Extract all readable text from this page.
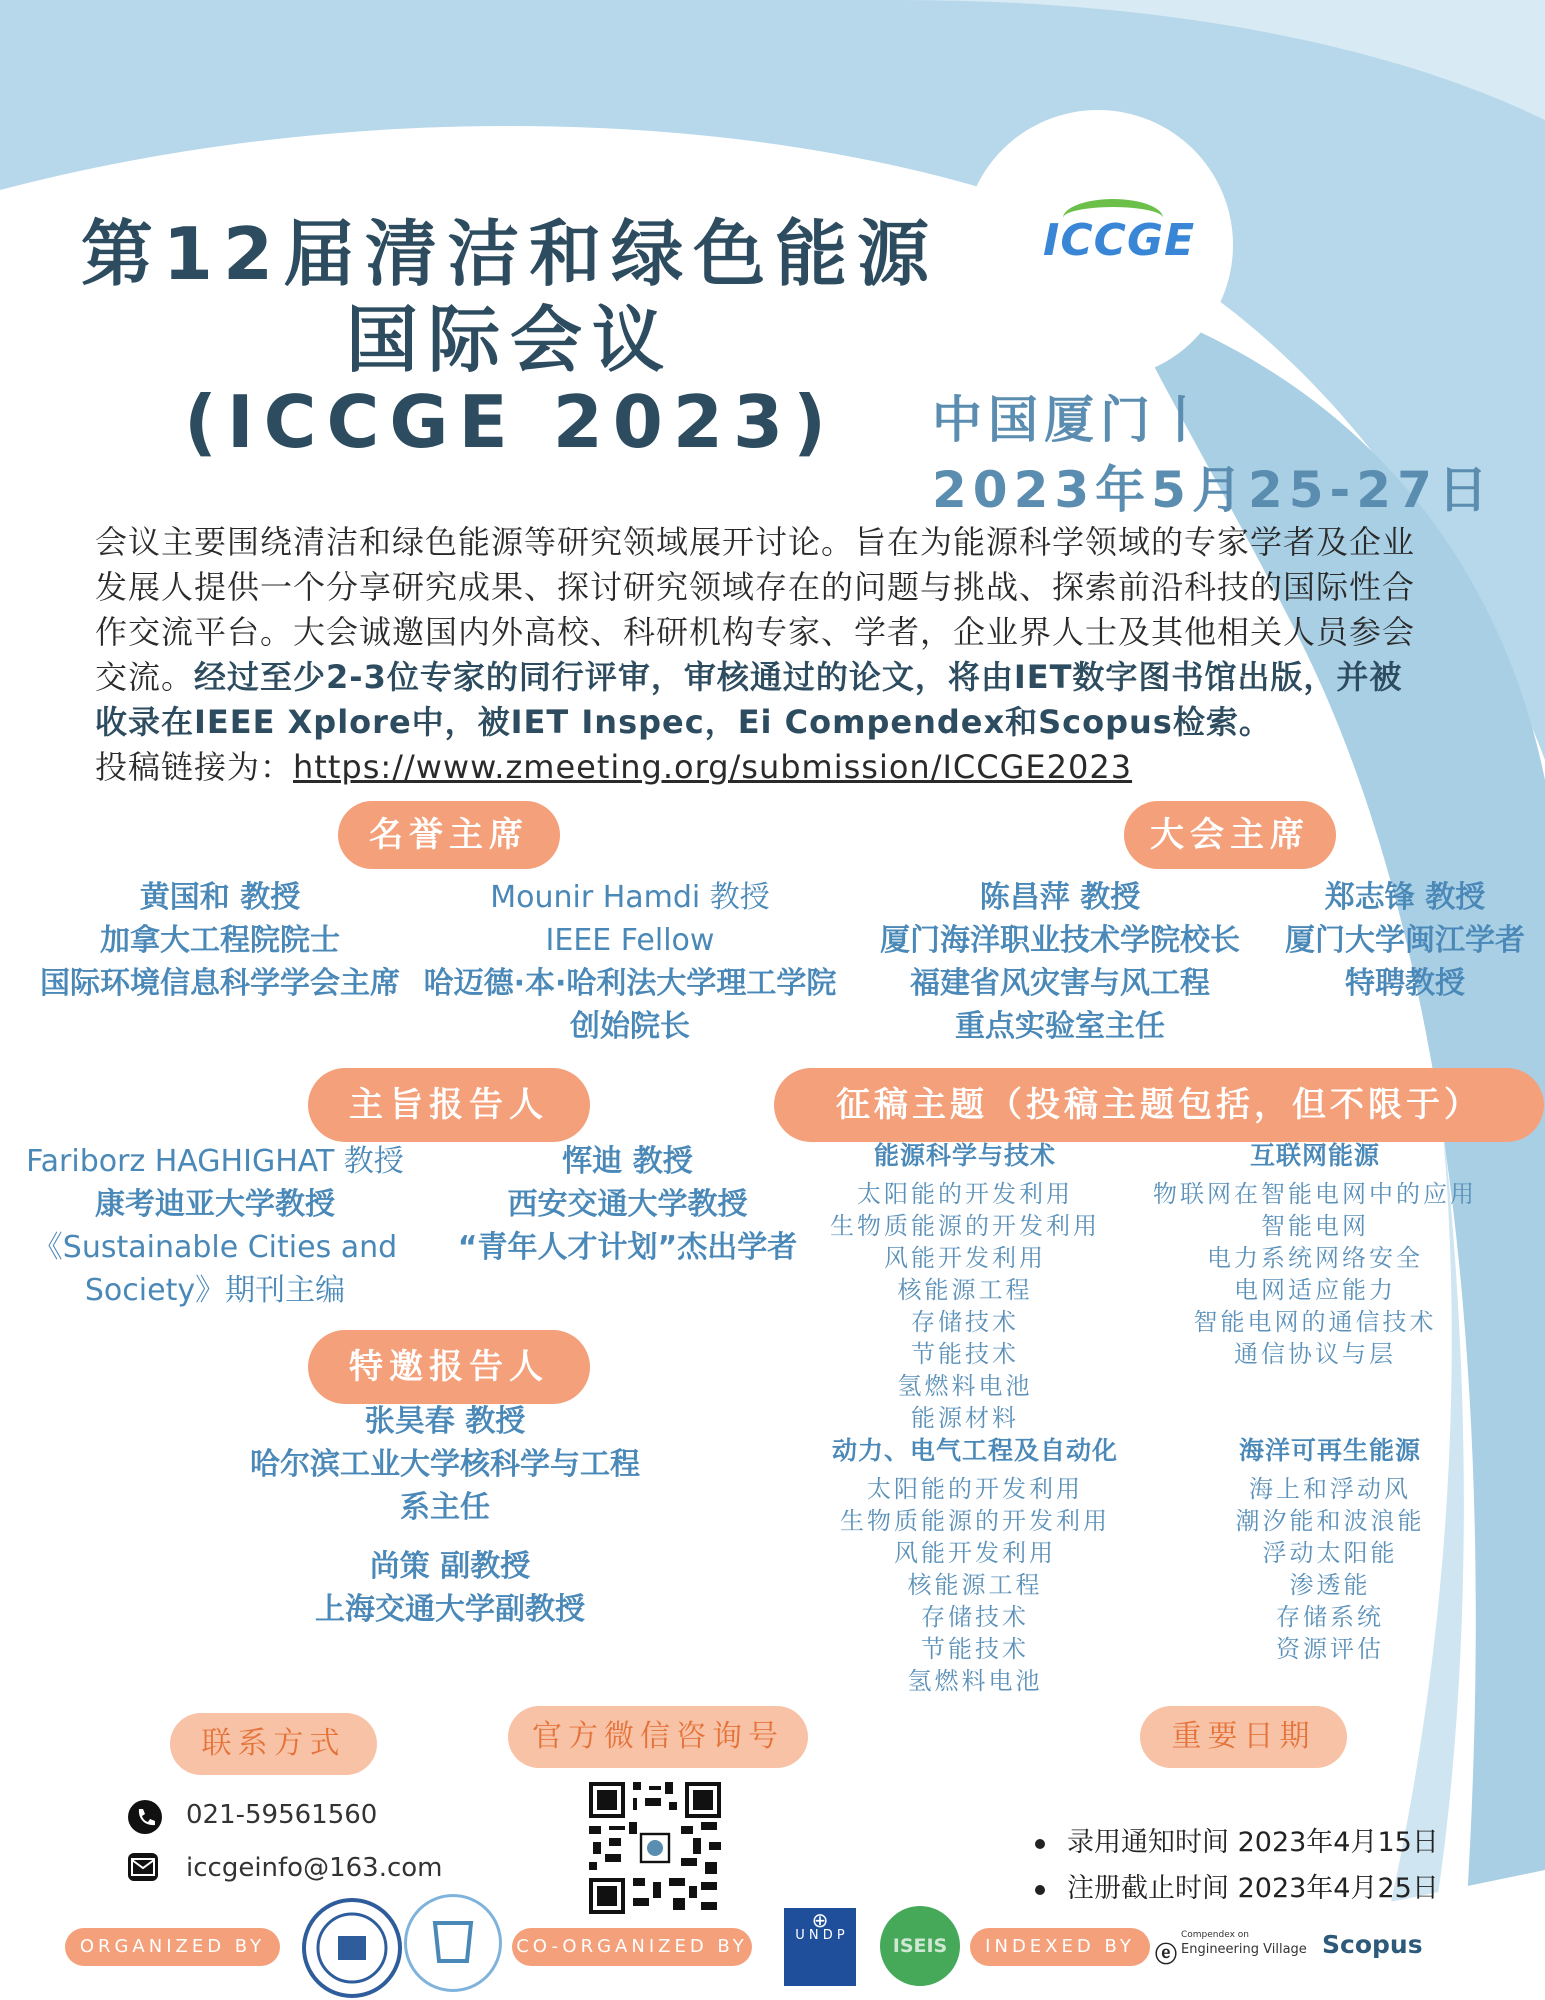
ICCGE
第12届清洁和绿色能源
国际会议
(ICCGE 2023)	中国厦门丨
2023年5月25-27日
会议主要围绕清洁和绿色能源等研究领域展开讨论。旨在为能源科学领域的专家学者及企业发展人提供一个分享研究成果、探讨研究领域存在的问题与挑战、探索前沿科技的国际性合作交流平台。大会诚邀国内外高校、科研机构专家、学者，企业界人士及其他相关人员参会交流。经过至少2-3位专家的同行评审，审核通过的论文，将由IET数字图书馆出版，并被收录在IEEE Xplore中，被IET Inspec，Ei Compendex和Scopus检索。
投稿链接为：https://www.zmeeting.org/submission/ICCGE2023
名誉主席	大会主席
黄国和 教授
加拿大工程院院士
国际环境信息科学学会主席
Mounir Hamdi 教授
IEEE Fellow
哈迈德·本·哈利法大学理工学院
创始院长
陈昌萍 教授
厦门海洋职业技术学院校长
福建省风灾害与风工程
重点实验室主任
郑志锋 教授
厦门大学闽江学者
特聘教授
主旨报告人	征稿主题（投稿主题包括，但不限于）
Fariborz HAGHIGHAT 教授
康考迪亚大学教授
《Sustainable Cities and
Society》期刊主编
恽迪 教授
西安交通大学教授
“青年人才计划”杰出学者
特邀报告人
张昊春 教授
哈尔滨工业大学核科学与工程
系主任
尚策 副教授
上海交通大学副教授
能源科学与技术
太阳能的开发利用
生物质能源的开发利用
风能开发利用
核能源工程
存储技术
节能技术
氢燃料电池
能源材料
互联网能源
物联网在智能电网中的应用
智能电网
电力系统网络安全
电网适应能力
智能电网的通信技术
通信协议与层
动力、电气工程及自动化
太阳能的开发利用
生物质能源的开发利用
风能开发利用
核能源工程
存储技术
节能技术
氢燃料电池
海洋可再生能源
海上和浮动风
潮汐能和波浪能
浮动太阳能
渗透能
存储系统
资源评估
联系方式	官方微信咨询号	重要日期
021-59561560
iccgeinfo@163.com
录用通知时间 2023年4月15日
注册截止时间 2023年4月25日
ORGANIZED BY	CO-ORGANIZED BY
⊕
U N D P	ISEIS	INDEXED BY ⓔ
Compendex on
Engineering Village Scopus
